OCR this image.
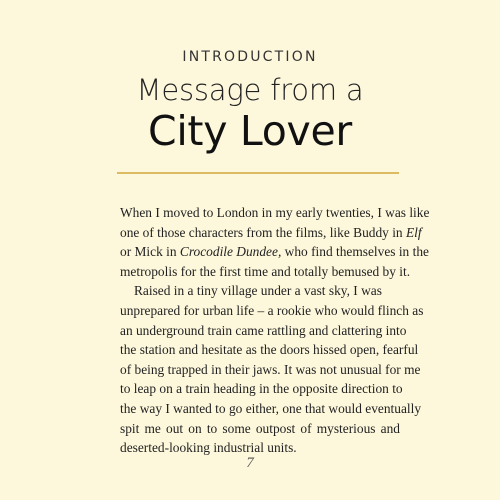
INTRODUCTION
Message from a
City Lover

When I moved to London in my early twenties, I was like
one of those characters from the films, like Buddy in Elf
or Mick in Crocodile Dundee, who find themselves in the
metropolis for the first time and totally bemused by it.

Raised in a tiny village under a vast sky, I was
unprepared for urban life – a rookie who would flinch as
an underground train came rattling and clattering into
the station and hesitate as the doors hissed open, fearful
of being trapped in their jaws. It was not unusual for me
to leap on a train heading in the opposite direction to
the way I wanted to go either, one that would eventually
spit me out on to some outpost of mysterious and
deserted-looking industrial units.

7
